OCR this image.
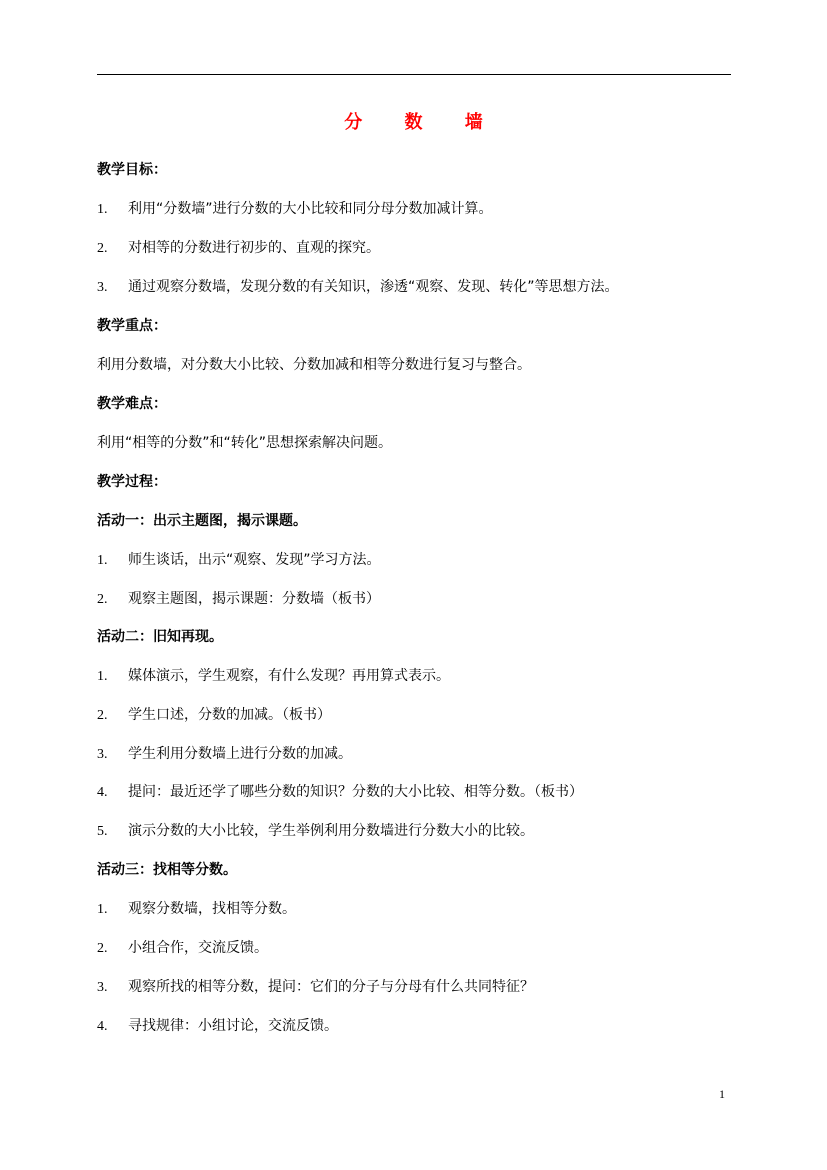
分 数 墙
教学目标：
1. 利用“分数墙”进行分数的大小比较和同分母分数加减计算。
2. 对相等的分数进行初步的、直观的探究。
3. 通过观察分数墙，发现分数的有关知识，渗透“观察、发现、转化”等思想方法。
教学重点：
利用分数墙，对分数大小比较、分数加减和相等分数进行复习与整合。
教学难点：
利用“相等的分数”和“转化”思想探索解决问题。
教学过程：
活动一：出示主题图，揭示课题。
1. 师生谈话，出示“观察、发现”学习方法。
2. 观察主题图，揭示课题：分数墙（板书）
活动二：旧知再现。
1. 媒体演示，学生观察，有什么发现？再用算式表示。
2. 学生口述，分数的加减。（板书）
3. 学生利用分数墙上进行分数的加减。
4. 提问：最近还学了哪些分数的知识？分数的大小比较、相等分数。（板书）
5. 演示分数的大小比较，学生举例利用分数墙进行分数大小的比较。
活动三：找相等分数。
1. 观察分数墙，找相等分数。
2. 小组合作，交流反馈。
3. 观察所找的相等分数，提问：它们的分子与分母有什么共同特征？
4. 寻找规律：小组讨论，交流反馈。
1
